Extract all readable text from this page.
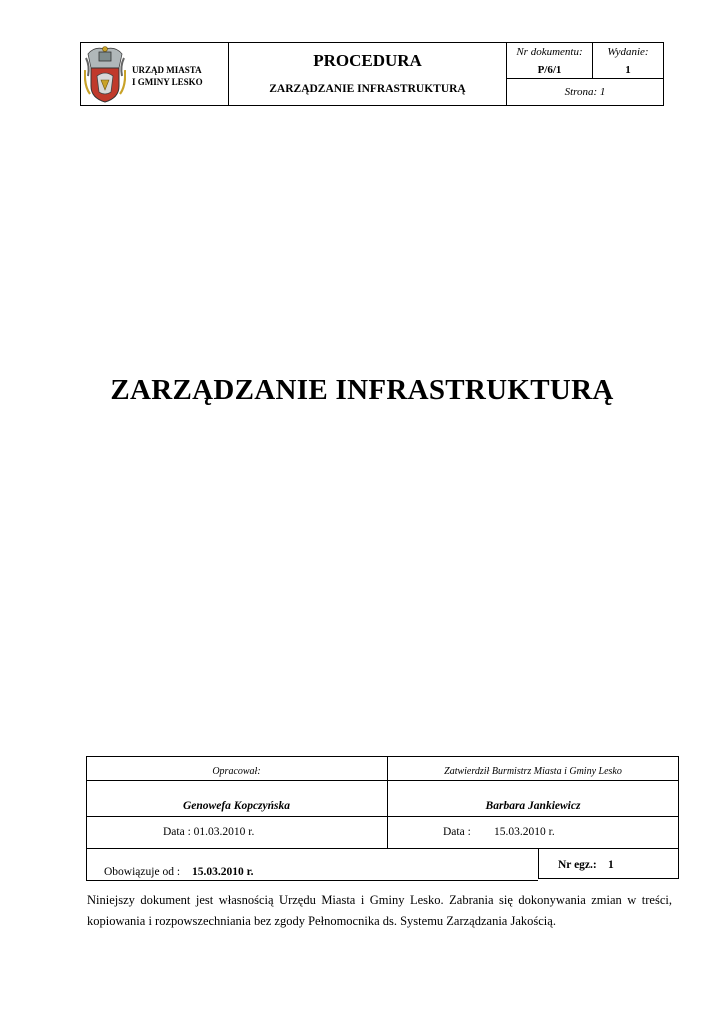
URZĄD MIASTA
I GMINY LESKO
PROCEDURA
ZARZĄDZANIE INFRASTRUKTURĄ
Nr dokumentu:
P/6/1
Wydanie:
1
Strona: 1
ZARZĄDZANIE INFRASTRUKTURĄ
Opracował:	Zatwierdził Burmistrz Miasta i Gminy Lesko
Genowefa Kopczyńska	Barbara Jankiewicz
Data : 01.03.2010 r.	Data : 15.03.2010 r.
Obowiązuje od : 15.03.2010 r.
Nr egz.: 1
Niniejszy dokument jest własnością Urzędu Miasta i Gminy Lesko. Zabrania się dokonywania zmian w treści, kopiowania i rozpowszechniania bez zgody Pełnomocnika ds. Systemu Zarządzania Jakością.
